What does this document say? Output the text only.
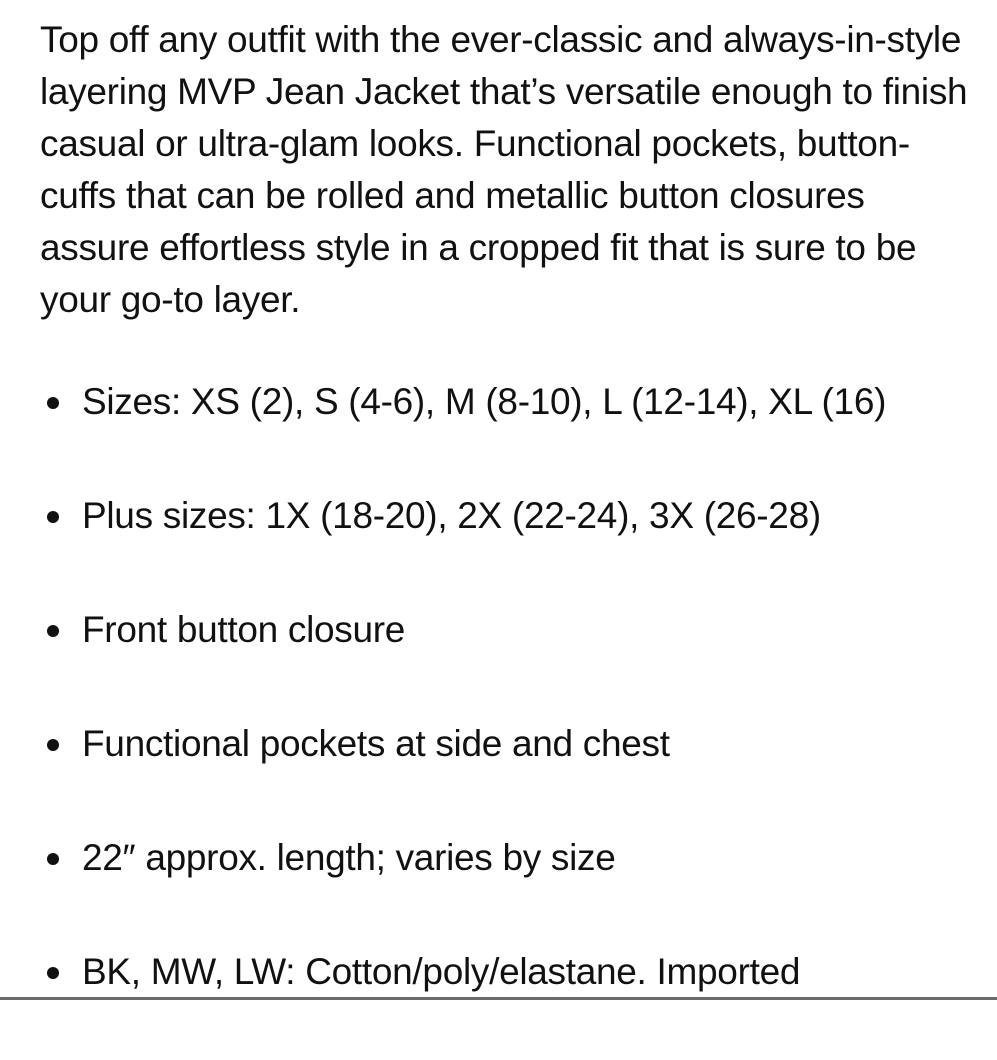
Top off any outfit with the ever-classic and always-in-style layering MVP Jean Jacket that’s versatile enough to finish casual or ultra-glam looks. Functional pockets, button-cuffs that can be rolled and metallic button closures assure effortless style in a cropped fit that is sure to be your go-to layer.

Sizes: XS (2), S (4-6), M (8-10), L (12-14), XL (16)
Plus sizes: 1X (18-20), 2X (22-24), 3X (26-28)
Front button closure
Functional pockets at side and chest
22″ approx. length; varies by size
BK, MW, LW: Cotton/poly/elastane. Imported
